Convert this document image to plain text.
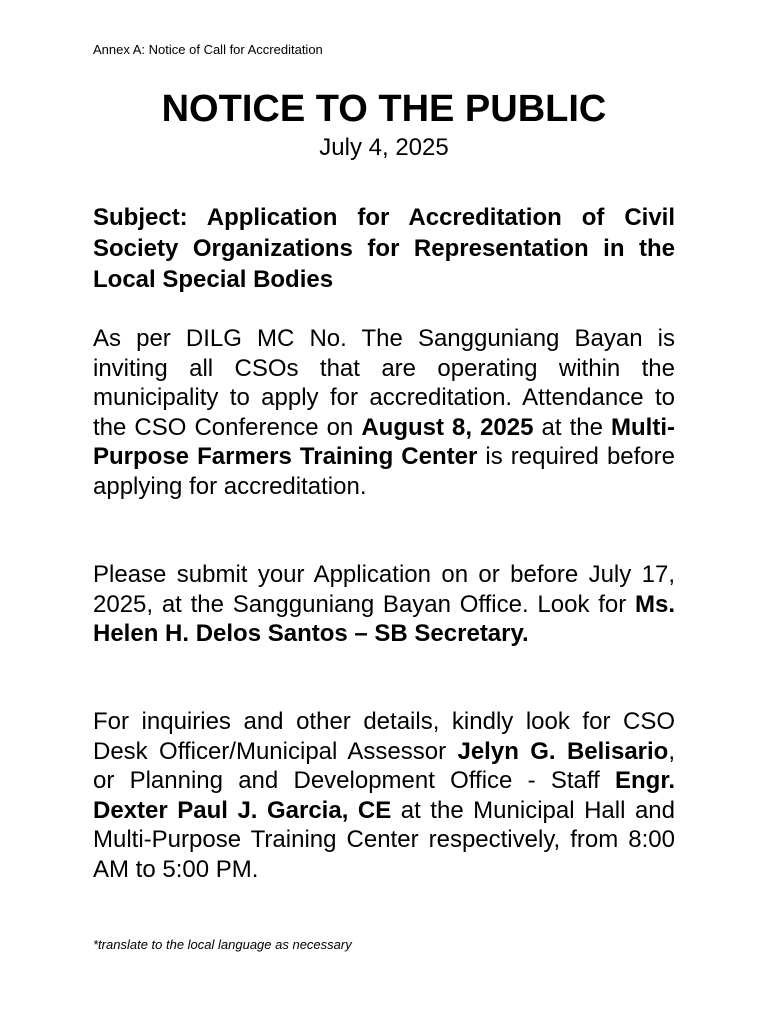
Annex A: Notice of Call for Accreditation
NOTICE TO THE PUBLIC
July 4, 2025

Subject: Application for Accreditation of Civil Society Organizations for Representation in the Local Special Bodies

As per DILG MC No. The Sangguniang Bayan is inviting all CSOs that are operating within the municipality to apply for accreditation. Attendance to the CSO Conference on August 8, 2025 at the Multi-Purpose Farmers Training Center is required before applying for accreditation.

Please submit your Application on or before July 17, 2025, at the Sangguniang Bayan Office. Look for Ms. Helen H. Delos Santos – SB Secretary.

For inquiries and other details, kindly look for CSO Desk Officer/Municipal Assessor Jelyn G. Belisario, or Planning and Development Office - Staff Engr. Dexter Paul J. Garcia, CE at the Municipal Hall and Multi-Purpose Training Center respectively, from 8:00 AM to 5:00 PM.

*translate to the local language as necessary
